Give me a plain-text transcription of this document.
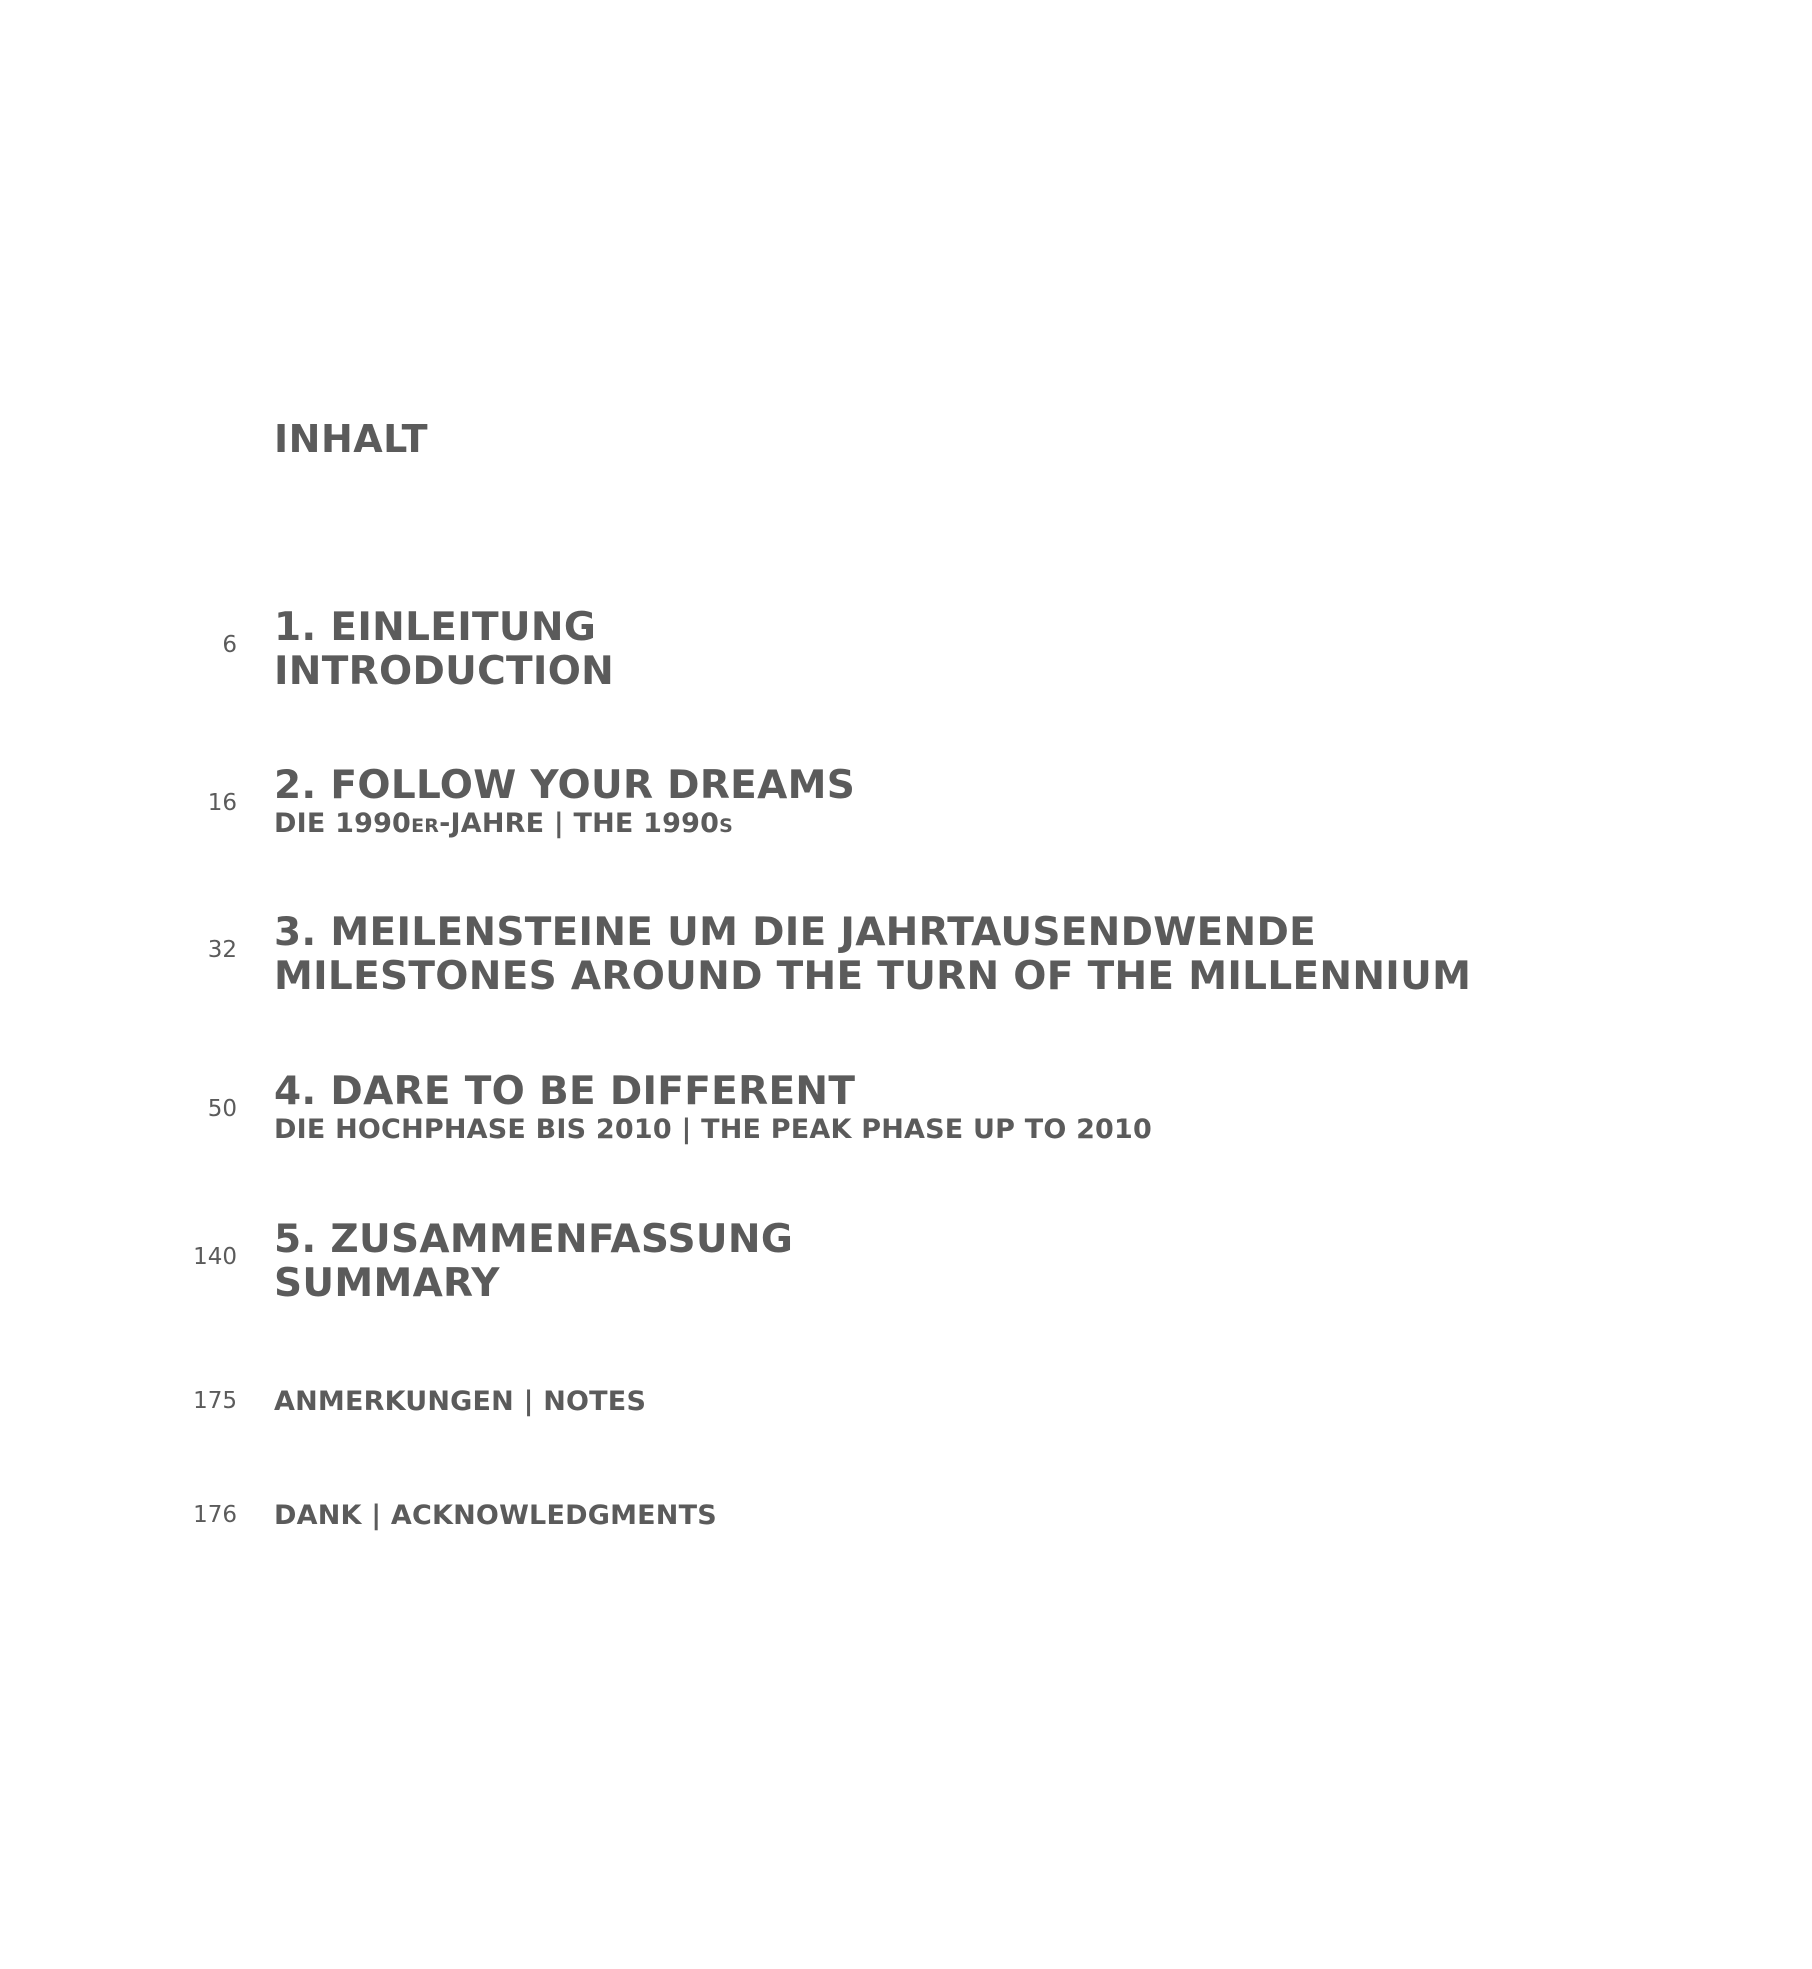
INHALT
6 1. EINLEITUNG
INTRODUCTION
16 2. FOLLOW YOUR DREAMS
DIE 1990ER-JAHRE | THE 1990S
32 3. MEILENSTEINE UM DIE JAHRTAUSENDWENDE
MILESTONES AROUND THE TURN OF THE MILLENNIUM
50 4. DARE TO BE DIFFERENT
DIE HOCHPHASE BIS 2010 | THE PEAK PHASE UP TO 2010
140 5. ZUSAMMENFASSUNG
SUMMARY
175 ANMERKUNGEN | NOTES
176 DANK | ACKNOWLEDGMENTS
